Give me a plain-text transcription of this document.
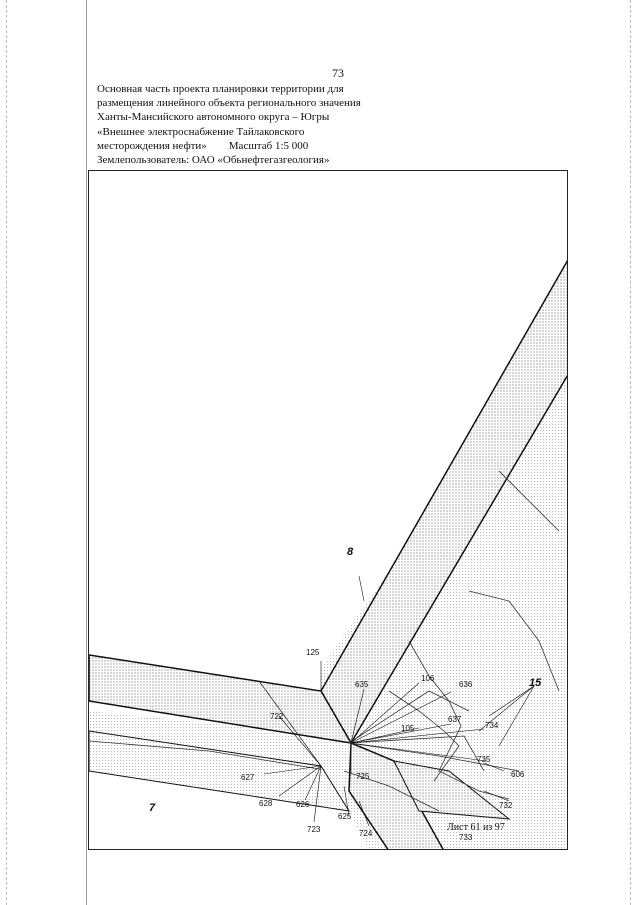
73
Основная часть проекта планировки территории для
размещения линейного объекта регионального значения
Ханты-Мансийского автономного округа – Югры
«Внешнее электроснабжение Тайлаковского
месторождения нефти» Масштаб 1:5 000
Землепользователь: ОАО «Обьнефтегазгеология»
8
7
15
125
635
106
636
105
637
734
722
735
725
627	606
628	626	732
625
723	724	733
Лист 61 из 97
